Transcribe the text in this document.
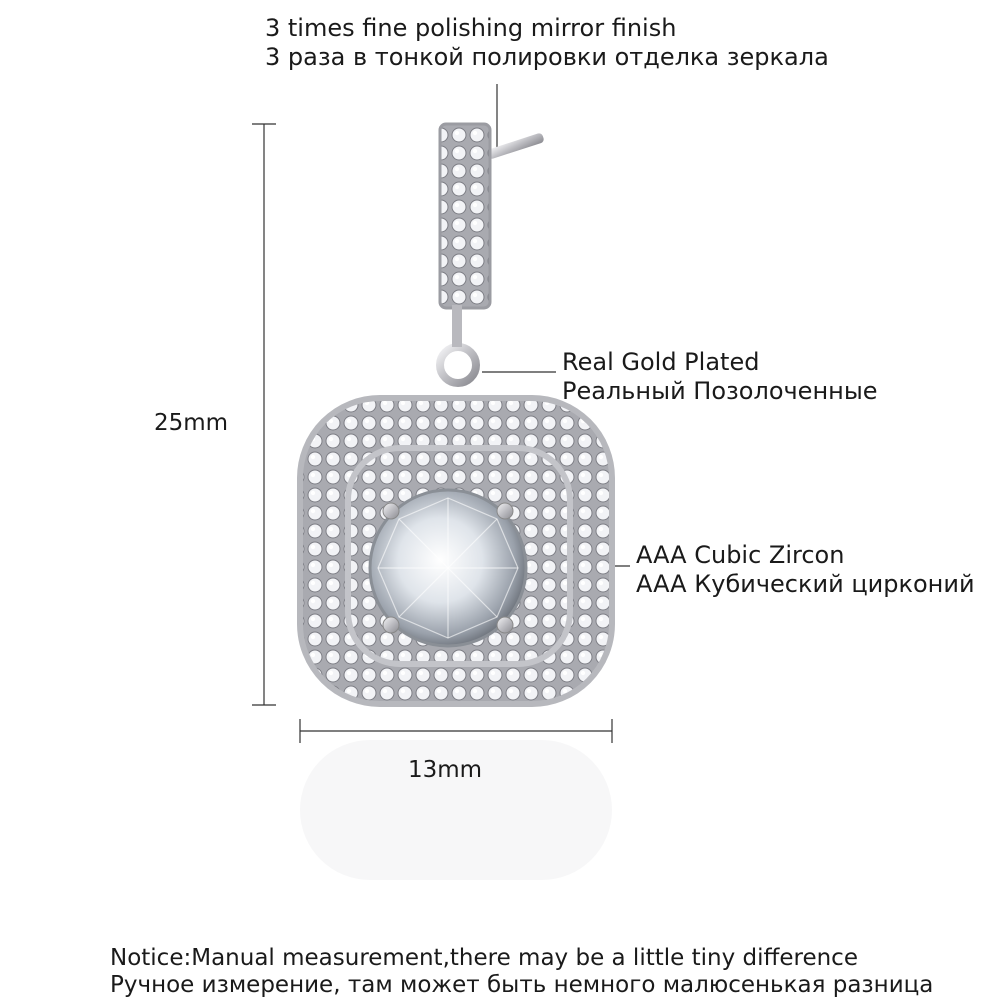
3 times fine polishing mirror finish
3 раза в тонкой полировки отделка зеркала
Real Gold Plated
Реальный Позолоченные
AAA Cubic Zircon
AAA Кубический цирконий
25mm
13mm
Notice:Manual measurement,there may be a little tiny difference
Ручное измерение, там может быть немного малюсенькая разница
